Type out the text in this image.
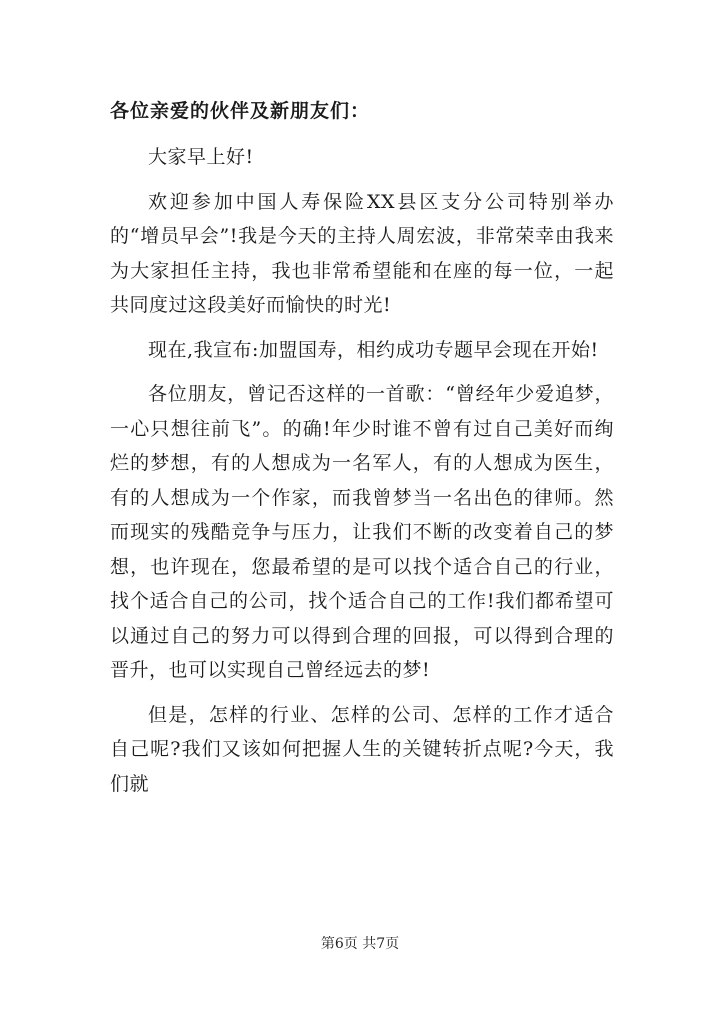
各位亲爱的伙伴及新朋友们：

大家早上好!

欢迎参加中国人寿保险XX县区支分公司特别举办的“增员早会”!我是今天的主持人周宏波，非常荣幸由我来为大家担任主持，我也非常希望能和在座的每一位，一起共同度过这段美好而愉快的时光!

现在,我宣布:加盟国寿，相约成功专题早会现在开始!

各位朋友，曾记否这样的一首歌：“曾经年少爱追梦，一心只想往前飞”。的确!年少时谁不曾有过自己美好而绚烂的梦想，有的人想成为一名军人，有的人想成为医生，有的人想成为一个作家，而我曾梦当一名出色的律师。然而现实的残酷竞争与压力，让我们不断的改变着自己的梦想，也许现在，您最希望的是可以找个适合自己的行业，找个适合自己的公司，找个适合自己的工作!我们都希望可以通过自己的努力可以得到合理的回报，可以得到合理的晋升，也可以实现自己曾经远去的梦!

但是，怎样的行业、怎样的公司、怎样的工作才适合自己呢?我们又该如何把握人生的关键转折点呢?今天，我们就

第6页 共7页
